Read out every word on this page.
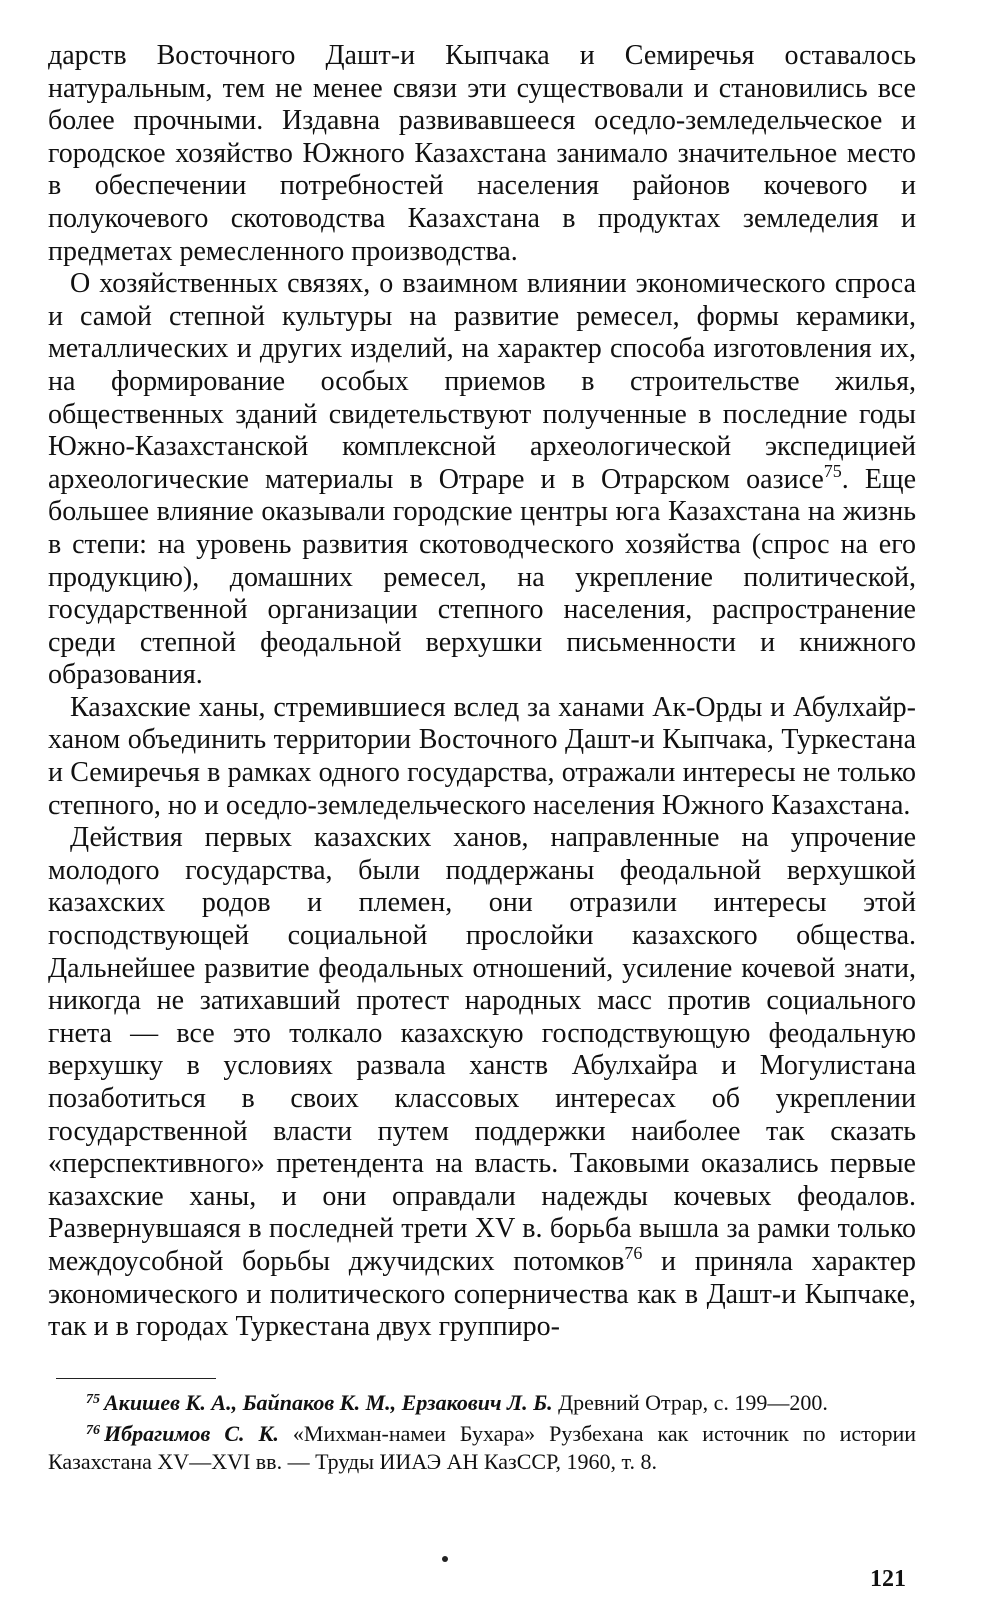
дарств Восточного Дашт-и Кыпчака и Семиречья оставалось натуральным, тем не менее связи эти существовали и становились все более прочными. Издавна развивавшееся оседло-земледельческое и городское хозяйство Южного Казахстана занимало значительное место в обеспечении потребностей населения районов кочевого и полукочевого скотоводства Казахстана в продуктах земледелия и предметах ремесленного производства.

О хозяйственных связях, о взаимном влиянии экономического спроса и самой степной культуры на развитие ремесел, формы керамики, металлических и других изделий, на характер способа изготовления их, на формирование особых приемов в строительстве жилья, общественных зданий свидетельствуют полученные в последние годы Южно-Казахстанской комплексной археологической экспедицией археологические материалы в Отраре и в Отрарском оазисе$^{75}$. Еще большее влияние оказывали городские центры юга Казахстана на жизнь в степи: на уровень развития скотоводческого хозяйства (спрос на его продукцию), домашних ремесел, на укрепление политической, государственной организации степного населения, распространение среди степной феодальной верхушки письменности и книжного образования.

Казахские ханы, стремившиеся вслед за ханами Ак-Орды и Абулхайр-ханом объединить территории Восточного Дашт-и Кыпчака, Туркестана и Семиречья в рамках одного государства, отражали интересы не только степного, но и оседло-земледельческого населения Южного Казахстана.

Действия первых казахских ханов, направленные на упрочение молодого государства, были поддержаны феодальной верхушкой казахских родов и племен, они отразили интересы этой господствующей социальной прослойки казахского общества. Дальнейшее развитие феодальных отношений, усиление кочевой знати, никогда не затихавший протест народных масс против социального гнета — все это толкало казахскую господствующую феодальную верхушку в условиях развала ханств Абулхайра и Могулистана позаботиться в своих классовых интересах об укреплении государственной власти путем поддержки наиболее так сказать «перспективного» претендента на власть. Таковыми оказались первые казахские ханы, и они оправдали надежды кочевых феодалов. Развернувшаяся в последней трети XV в. борьба вышла за рамки только междоусобной борьбы джучидских потомков$^{76}$ и приняла характер экономического и политического соперничества как в Дашт-и Кыпчаке, так и в городах Туркестана двух группиро-

$^{75}$ Акишев К. А., Байпаков К. М., Ерзакович Л. Б. Древний Отрар, с. 199—200.

$^{76}$ Ибрагимов С. К. «Михман-намеи Бухара» Рузбехана как источник по истории Казахстана XV—XVI вв. — Труды ИИАЭ АН КазССР, 1960, т. 8.

121
